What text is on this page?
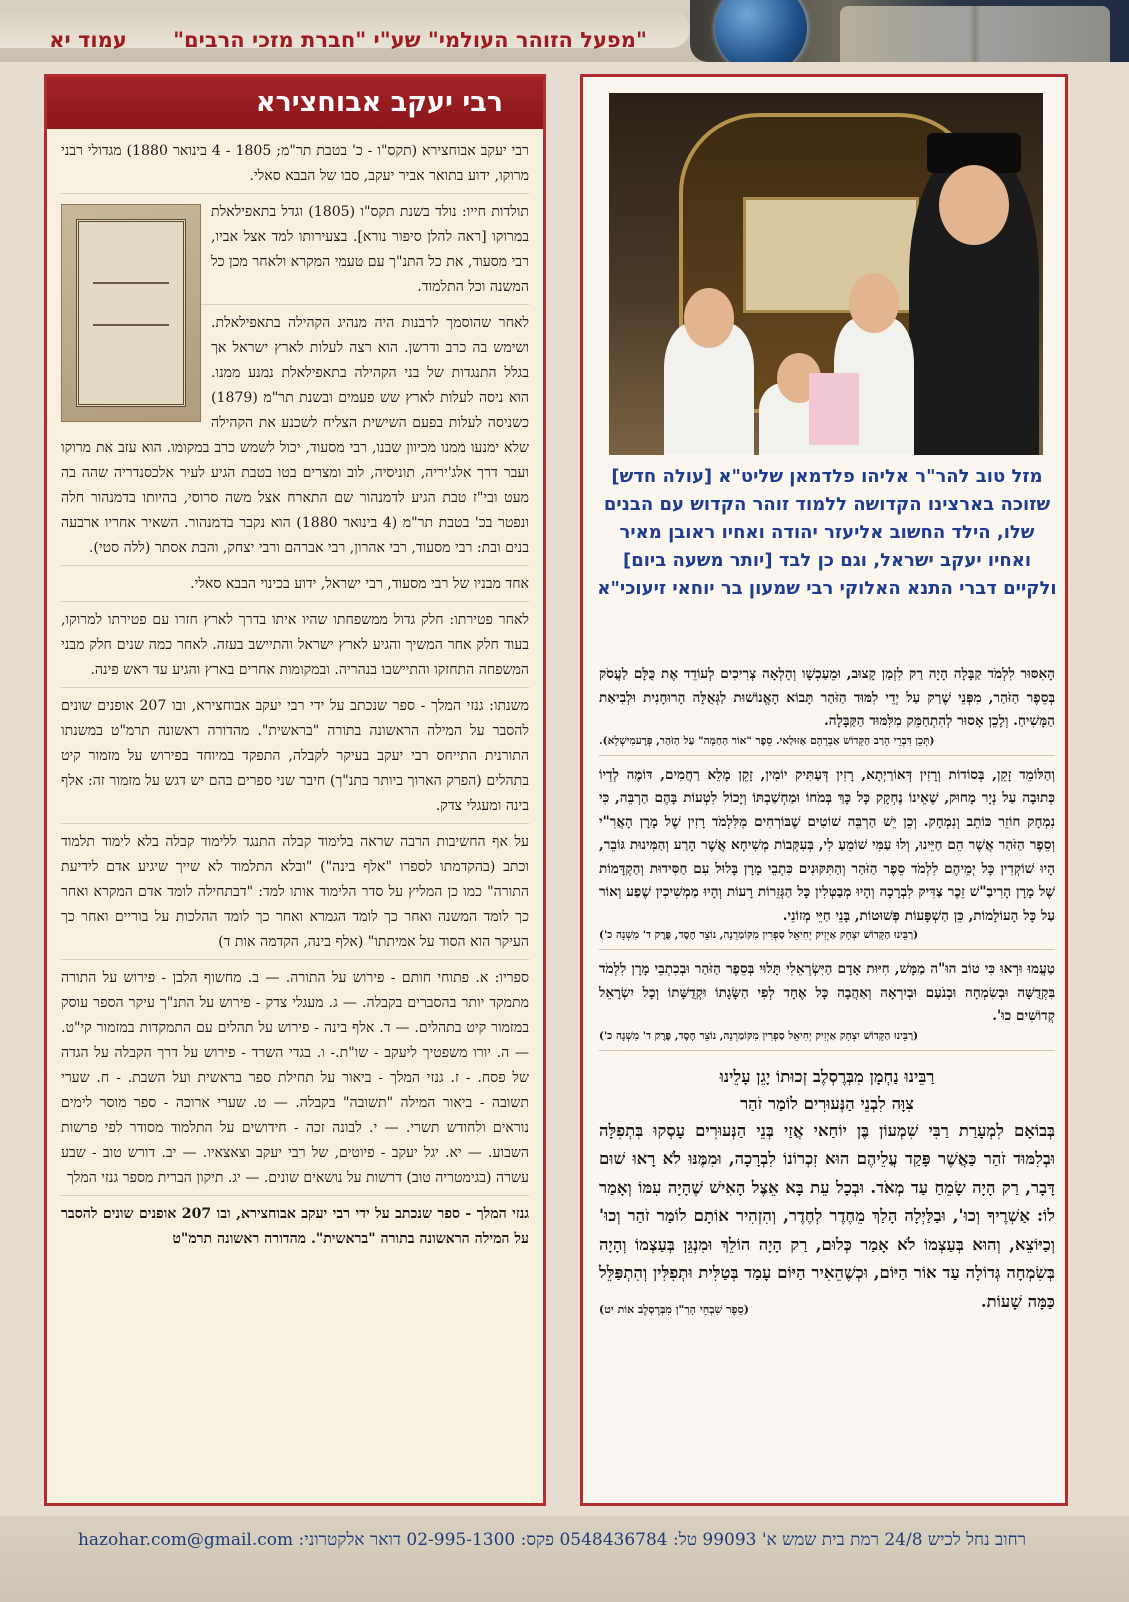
"מפעל הזוהר העולמי" שע"י "חברת מזכי הרבים"
עמוד יא
רבי יעקב אבוחצירא

רבי יעקב אבוחצירא (תקס"ו - כ' בטבת תר"מ; 1805 - 4 בינואר 1880) מגדולי רבני מרוקו, ידוע בתואר אביר יעקב, סבו של הבבא סאלי.

תולדות חייו: נולד בשנת תקס"ו (1805) וגדל בתאפילאלת במרוקו [ראה להלן סיפור נורא]. בצעירותו למד אצל אביו, רבי מסעוד, את כל התנ"ך עם טעמי המקרא ולאחר מכן כל המשנה וכל התלמוד.

לאחר שהוסמך לרבנות היה מנהיג הקהילה בתאפילאלת. ושימש בה כרב ודרשן. הוא רצה לעלות לארץ ישראל אך בגלל התנגדות של בני הקהילה בתאפילאלת נמנע ממנו. הוא ניסה לעלות לארץ שש פעמים ובשנת תר"מ (1879) כשניסה לעלות בפעם השישית הצליח לשכנע את הקהילה שלא ימנעו ממנו מכיוון שבנו, רבי מסעוד, יכול לשמש כרב במקומו. הוא עזב את מרוקו ועבר דרך אלג'יריה, תוניסיה, לוב ומצרים בטו בטבת הגיע לעיר אלכסנדריה שהה בה מעט ובי"ז טבת הגיע לדמנהור שם התארח אצל משה סרוסי, בהיותו בדמנהור חלה ונפטר בכ' בטבת תר"מ (4 בינואר 1880) הוא נקבר בדמנהור. השאיר אחריו ארבעה בנים ובת: רבי מסעוד, רבי אהרון, רבי אברהם ורבי יצחק, והבת אסתר (ללה סטי).

אחד מבניו של רבי מסעוד, רבי ישראל, ידוע בכינוי הבבא סאלי.

לאחר פטירתו: חלק גדול ממשפחתו שהיו איתו בדרך לארץ חזרו עם פטירתו למרוקו, בעוד חלק אחר המשיך והגיע לארץ ישראל והתיישב בעזה. לאחר כמה שנים חלק מבני המשפחה התחזקו והתיישבו בנהריה. ובמקומות אחרים בארץ והגיע עד ראש פינה.

משנתו: גנזי המלך - ספר שנכתב על ידי רבי יעקב אבוחצירא, ובו 207 אופנים שונים להסבר על המילה הראשונה בתורה "בראשית". מהדורה ראשונה תרמ"ט במשנתו התורנית התייחס רבי יעקב בעיקר לקבלה, התפקד במיוחד בפירוש על מזמור קיט בתהלים (הפרק הארוך ביותר בתנ"ך) חיבר שני ספרים בהם יש דגש על מזמור זה: אלף בינה ומעגלי צדק.

על אף החשיבות הרבה שראה בלימוד קבלה התנגד ללימוד קבלה בלא לימוד תלמוד וכתב (בהקדמתו לספרו "אלף בינה") "ובלא התלמוד לא שייך שיגיע אדם לידיעת התורה" כמו כן המליץ על סדר הלימוד אותו למד: "דבתחילה לומד אדם המקרא ואחר כך לומד המשנה ואחר כך לומד הגמרא ואחר כך לומד ההלכות על בוריים ואחר כך העיקר הוא הסוד על אמיתתו" (אלף בינה, הקדמה אות ד)

ספריו: א. פתוחי חותם - פירוש על התורה. — ב. מחשוף הלבן - פירוש על התורה מתמקד יותר בהסברים בקבלה. — ג. מעגלי צדק - פירוש על התנ"ך עיקר הספר עוסק במזמור קיט בתהלים. — ד. אלף בינה - פירוש על תהלים עם התמקדות במזמור קי"ט. — ה. יורו משפטיך ליעקב - שו"ת.- ו. בגדי השרד - פירוש על דרך הקבלה על הגדה של פסח. - ז. גנזי המלך - ביאור על תחילת ספר בראשית ועל השבת. - ח. שערי תשובה - ביאור המילה "תשובה" בקבלה. — ט. שערי ארוכה - ספר מוסר לימים נוראים ולחודש תשרי. — י. לבונה זכה - חידושים על התלמוד מסודר לפי פרשות השבוע. — יא. יגל יעקב - פיוטים, של רבי יעקב וצאצאיו. — יב. דורש טוב - שבע עשרה (בגימטריה טוב) דרשות על נושאים שונים. — יג. תיקון הברית מספר גנזי המלך

גנזי המלך - ספר שנכתב על ידי רבי יעקב אבוחצירא, ובו 207 אופנים שונים להסבר על המילה הראשונה בתורה "בראשית". מהדורה ראשונה תרמ"ט

מזל טוב להר"ר אליהו פלדמאן שליט"א [עולה חדש] שזוכה בארצינו הקדושה ללמוד זוהר הקדוש עם הבנים שלו, הילד החשוב אליעזר יהודה ואחיו ראובן מאיר ואחיו יעקב ישראל, וגם כן לבד [יותר משעה ביום] ולקיים דברי התנא האלוקי רבי שמעון בר יוחאי זיעוכי"א
הָאִסּוּר לִלְמֹד קַבָּלָה הָיָה רַק לִזְמַן קָצוּב, וּמֵעַכְשָׁו וְהָלְאָה צְרִיכִים לְעוֹדֵד אֶת כֻּלָּם לַעֲסֹק בְּסֵפֶר הַזֹּהַר, מִפְּנֵי שֶׁרַק עַל יְדֵי לִמּוּד הַזֹּהַר תָּבוֹא הָאֱנוֹשׁוּת לַגְּאֻלָּה הָרוּחָנִית וּלְבִיאַת הַמָּשִׁיחַ. וְלָכֵן אָסוּר לְהִתְחַמֵּק מִלִּמּוּד הַקַּבָּלָה.
(תְּכֵן דִּבְרֵי הָרַב הַקָּדוֹשׁ אַבְרָהָם אַזּוּלַאי. סֵפֶר "אוֹר הַחַמָּה" עַל הַזֹּהַר, פְּרֶעמִישְׁלָא).
וְהַלּוֹמֵד זָקֵן, בְּסוֹדוֹת וְרָזִין דְּאוֹרַיְתָא, רָזִין דְּעַתִּיק יוֹמִין, זָקֵן מָלֵא רַחֲמִים, דּוֹמֶה לְדְיוֹ כְּתוּבָה עַל נְיָר מָחוּק, שֶׁאֵינוֹ נֶחְקָק כָּל כָּךְ בְּמֹחוֹ וּמַחְשַׁבְתּוֹ וְיָכוֹל לִטְעוֹת בָּהֶם הַרְבֵּה, כִּי נִמְחָק חוֹזֵר כּוֹתֵב וְנִמְחָק. וְכֵן יֵשׁ הַרְבֵּה שׁוֹטִים שֶׁבּוֹרְחִים מִלִּלְמֹד רָזִין שֶׁל מָרָן הָאֲרִ"י וְסֵפֶר הַזֹּהַר אֲשֶׁר הֵם חַיֵּינוּ, וְלוּ עַמִּי שׁוֹמֵעַ לִי, בְּעִקְּבוֹת מְשִׁיחָא אֲשֶׁר הָרַע וְהַמִּינוּת גּוֹבֵר, הָיוּ שׁוֹקְדִין כָּל יְמֵיהֶם לִלְמֹד סֵפֶר הַזֹּהַר וְהַתִּקּוּנִים כִּתְבֵי מָרָן בָּלוּל עִם חַסִּידוּת וְהַקְדָּמוֹת שֶׁל מָרָן הָרִיבַ"שׁ זֵכֶר צַדִּיק לִבְרָכָה וְהָיוּ מְבַטְּלִין כָּל הַגְּזֵרוֹת רָעוֹת וְהָיוּ מַמְשִׁיכִין שֶׁפַע וְאוֹר עַל כָּל הָעוֹלָמוֹת, כֵּן הַשְׁפָּעוֹת פְּשׁוּטוֹת, בָּנֵי חַיֵּי מְזוֹנֵי.
(רַבֵּינוּ הַקָּדוֹשׁ יִצְחָק אַיְזִיק יְחִיאֵל סַפְרִין מִקּוֹמַרְנָה, נוֹצֵר חֶסֶד, פֶּרֶק ד' מִשְׁנָה כ')
טַעֲמוּ וּרְאוּ כִּי טוֹב הוּ"ה מַמָּשׁ, חִיּוּת אָדָם הַיִּשְׂרְאֵלִי תָּלוּי בְּסֵפֶר הַזֹּהַר וּבְכִתְבֵי מָרָן לִלְמֹד בִּקְדֻשָּׁה וּבְשִׂמְחָה וּבְנֹעַם וּבְיִרְאָה וְאַהֲבָה כָּל אֶחָד לְפִי הַשָּׂגָתוֹ וּקְדֻשָּׁתוֹ וְכָל יִשְׂרָאֵל קְדוֹשִׁים כוּ'.
(רַבֵּינוּ הַקָּדוֹשׁ יִצְחָק אַיְזִיק יְחִיאֵל סַפְרִין מִקּוֹמַרְנָה, נוֹצֵר חֶסֶד, פֶּרֶק ד' מִשְׁנָה כ')
רַבֵּינוּ נַחְמָן מִבְּרֶסְלֶב זְכוּתוֹ יָגֵן עָלֵינוּ
צִוָּה לִבְנֵי הַנְּעוּרִים לוֹמַר זֹהַר
בְּבוֹאָם לִמְעָרַת רַבִּי שִׁמְעוֹן בֶּן יוֹחַאי אֲזַי בְּנֵי הַנְּעוּרִים עָסְקוּ בִּתְפִלָּה וּבְלִמּוּד זֹהַר כַּאֲשֶׁר פָּקַד עֲלֵיהֶם הוּא זִכְרוֹנוֹ לִבְרָכָה, וּמִמֶּנּוּ לֹא רָאוּ שׁוּם דָּבָר, רַק הָיָה שָׂמֵחַ עַד מְאֹד. וּבְכָל עֵת בָּא אֵצֶל הָאִישׁ שֶׁהָיָה עִמּוֹ וְאָמַר לוֹ: אַשְׁרֶיךָ וְכוּ', וּבַלַּיְלָה הָלַךְ מֵחֶדֶר לְחֶדֶר, וְהִזְהִיר אוֹתָם לוֹמַר זֹהַר וְכוּ' וְכַיּוֹצֵא, וְהוּא בְּעַצְמוֹ לֹא אָמַר כְּלוּם, רַק הָיָה הוֹלֵךְ וּמִנְגֵּן בְּעַצְמוֹ וְהָיָה בְּשִׂמְחָה גְּדוֹלָה עַד אוֹר הַיּוֹם, וּכְשֶׁהֵאִיר הַיּוֹם עָמַד בְּטַלִּית וּתְפִלִּין וְהִתְפַּלֵּל כַּמָּה שָׁעוֹת.
(סֵפֶר שִׁבְחֵי הָרַ"ן מִבְּרֶסְלֶב אוֹת יט)
רחוב נחל לכיש 24/8 רמת בית שמש א' 99093 טל: 0548436784 פקס: 02-995-1300 דואר אלקטרוני: hazohar.com@gmail.com
